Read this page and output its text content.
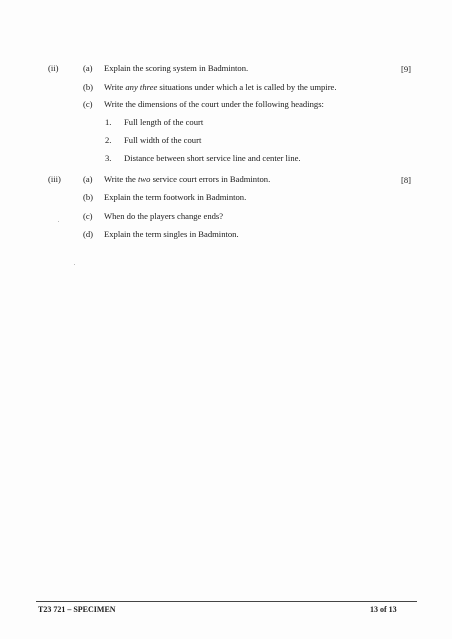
(ii)	(a) Explain the scoring system in Badminton.	[9]
(b) Write any three situations under which a let is called by the umpire.
(c) Write the dimensions of the court under the following headings:
1. Full length of the court
2. Full width of the court
3. Distance between short service line and center line.
(iii)	(a) Write the two service court errors in Badminton.	[8]
(b) Explain the term footwork in Badminton.
(c) When do the players change ends?
(d) Explain the term singles in Badminton.
T23 721 – SPECIMEN	13 of 13
